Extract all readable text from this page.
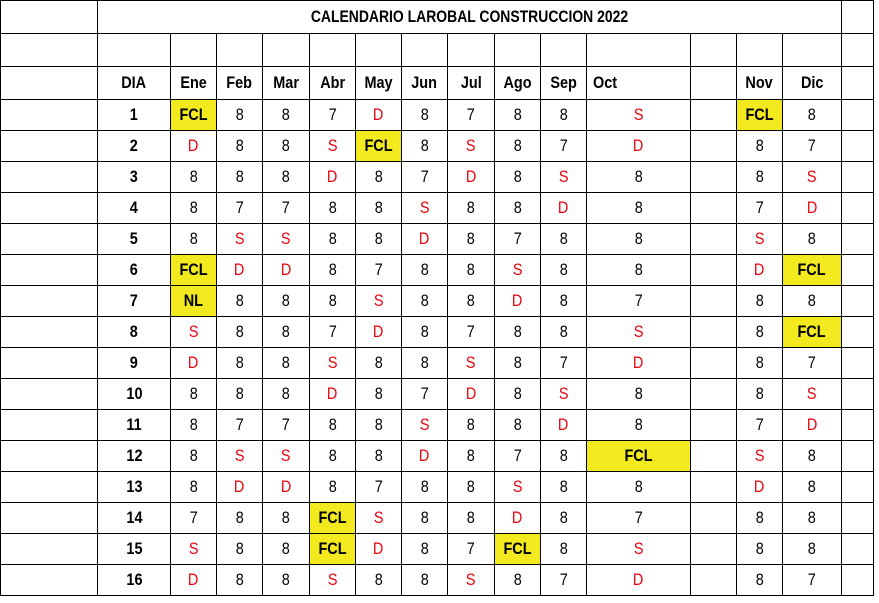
	CALENDARIO LAROBAL CONSTRUCCION 2022														

	DIA	Ene	Feb	Mar	Abr	May	Jun	Jul	Ago	Sep	Oct		Nov	Dic	
	1	FCL	8	8	7	D	8	7	8	8	S		FCL	8	
	2	D	8	8	S	FCL	8	S	8	7	D		8	7	
	3	8	8	8	D	8	7	D	8	S	8		8	S	
	4	8	7	7	8	8	S	8	8	D	8		7	D	
	5	8	S	S	8	8	D	8	7	8	8		S	8	
	6	FCL	D	D	8	7	8	8	S	8	8		D	FCL	
	7	NL	8	8	8	S	8	8	D	8	7		8	8	
	8	S	8	8	7	D	8	7	8	8	S		8	FCL	
	9	D	8	8	S	8	8	S	8	7	D		8	7	
	10	8	8	8	D	8	7	D	8	S	8		8	S	
	11	8	7	7	8	8	S	8	8	D	8		7	D	
	12	8	S	S	8	8	D	8	7	8	FCL		S	8	
	13	8	D	D	8	7	8	8	S	8	8		D	8	
	14	7	8	8	FCL	S	8	8	D	8	7		8	8	
	15	S	8	8	FCL	D	8	7	FCL	8	S		8	8	
	16	D	8	8	S	8	8	S	8	7	D		8	7	
